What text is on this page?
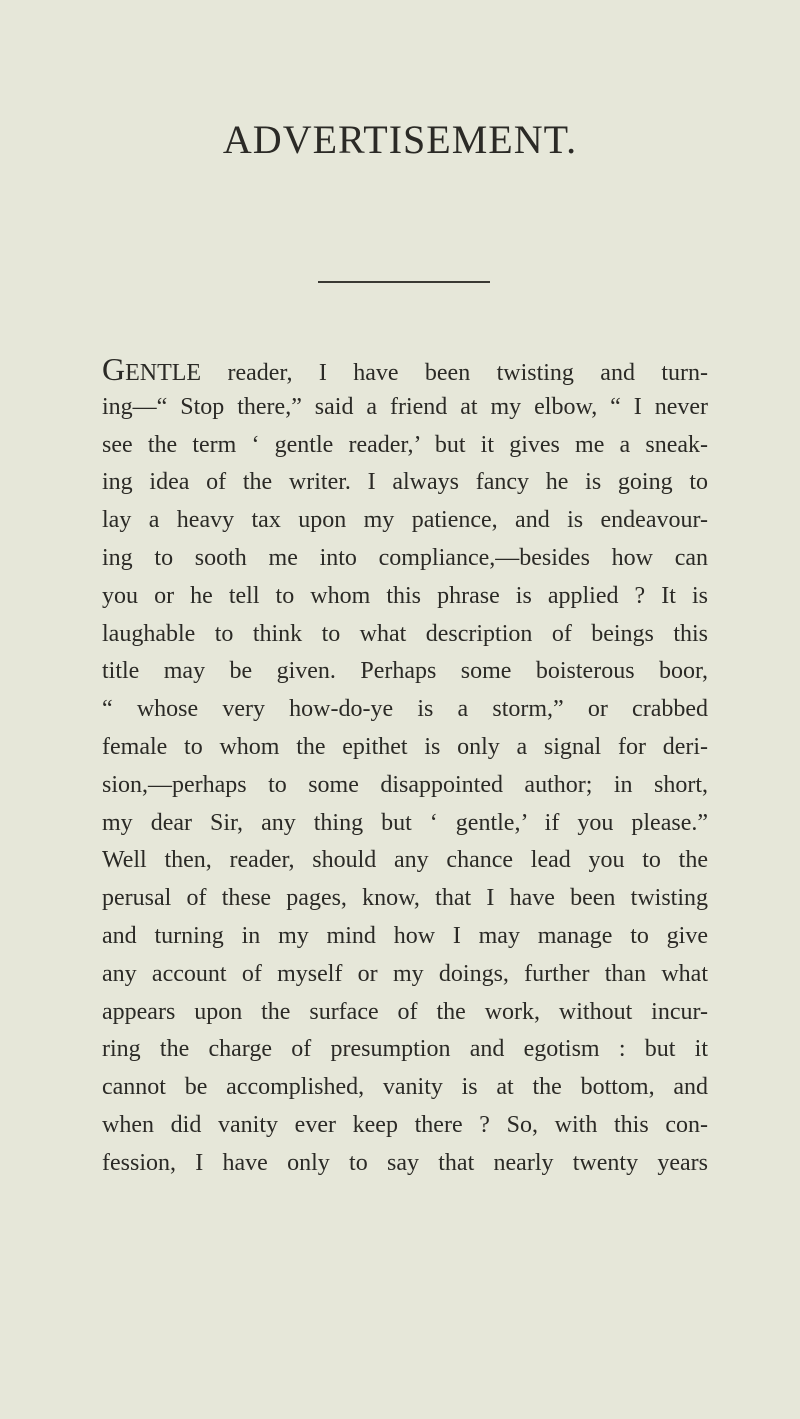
ADVERTISEMENT.
GENTLE reader, I have been twisting and turn-
ing—“ Stop there,” said a friend at my elbow, “ I never
see the term ‘ gentle reader,’ but it gives me a sneak-
ing idea of the writer. I always fancy he is going to
lay a heavy tax upon my patience, and is endeavour-
ing to sooth me into compliance,—besides how can
you or he tell to whom this phrase is applied ? It is
laughable to think to what description of beings this
title may be given. Perhaps some boisterous boor,
“ whose very how-do-ye is a storm,” or crabbed
female to whom the epithet is only a signal for deri-
sion,—perhaps to some disappointed author; in short,
my dear Sir, any thing but ‘ gentle,’ if you please.”
Well then, reader, should any chance lead you to the
perusal of these pages, know, that I have been twisting
and turning in my mind how I may manage to give
any account of myself or my doings, further than what
appears upon the surface of the work, without incur-
ring the charge of presumption and egotism : but it
cannot be accomplished, vanity is at the bottom, and
when did vanity ever keep there ? So, with this con-
fession, I have only to say that nearly twenty years
